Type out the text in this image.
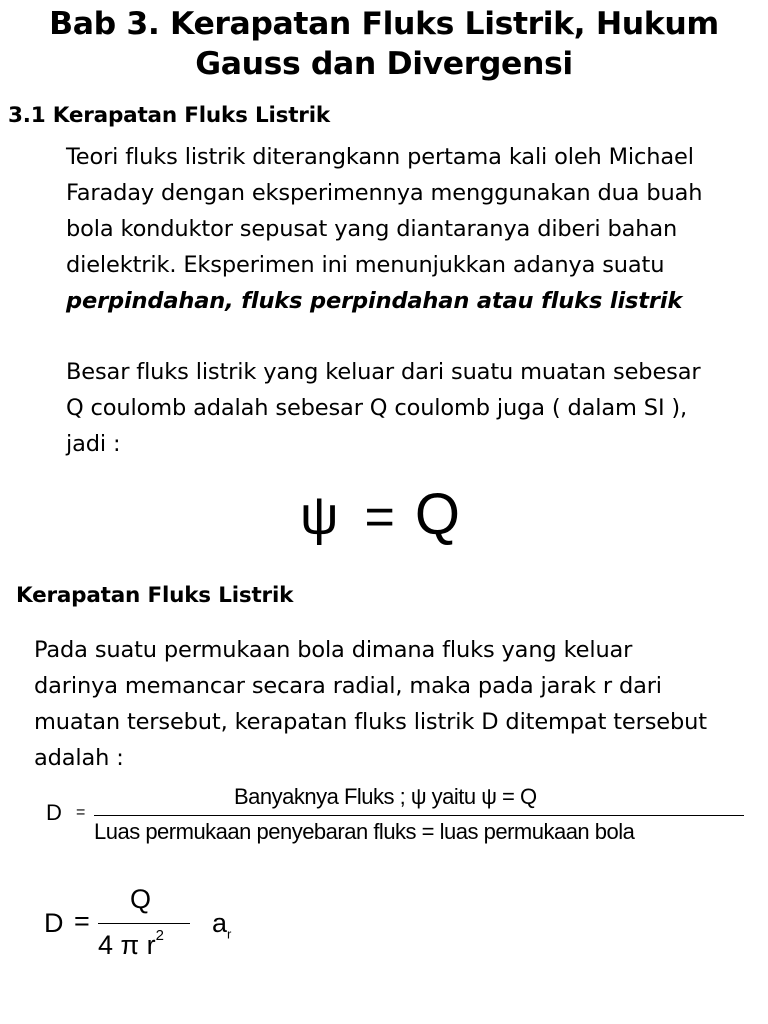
Bab 3. Kerapatan Fluks Listrik, Hukum
Gauss dan Divergensi
3.1 Kerapatan Fluks Listrik

Teori fluks listrik diterangkann pertama kali oleh Michael
Faraday dengan eksperimennya menggunakan dua buah
bola konduktor sepusat yang diantaranya diberi bahan
dielektrik. Eksperimen ini menunjukkan adanya suatu
perpindahan, fluks perpindahan atau fluks listrik

Besar fluks listrik yang keluar dari suatu muatan sebesar
Q coulomb adalah sebesar Q coulomb juga ( dalam SI ),
jadi :

ψ = Q
Kerapatan Fluks Listrik

Pada suatu permukaan bola dimana fluks yang keluar
darinya memancar secara radial, maka pada jarak r dari
muatan tersebut, kerapatan fluks listrik D ditempat tersebut
adalah :

D =
Banyaknya Fluks ; ψ yaitu ψ = Q
Luas permukaan penyebaran fluks = luas permukaan bola
D =
Q
4 π $r^2$ $a_r$
